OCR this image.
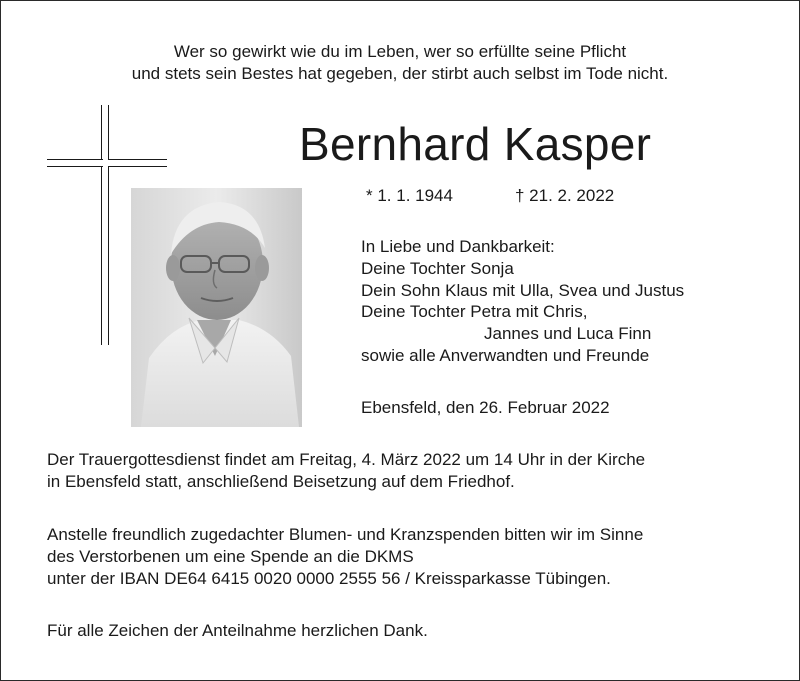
Wer so gewirkt wie du im Leben, wer so erfüllte seine Pflicht
und stets sein Bestes hat gegeben, der stirbt auch selbst im Tode nicht.
Bernhard Kasper
* 1. 1. 1944	† 21. 2. 2022
In Liebe und Dankbarkeit:
Deine Tochter Sonja
Dein Sohn Klaus mit Ulla, Svea und Justus
Deine Tochter Petra mit Chris,
Jannes und Luca Finn
sowie alle Anverwandten und Freunde
Ebensfeld, den 26. Februar 2022
Der Trauergottesdienst findet am Freitag, 4. März 2022 um 14 Uhr in der Kirche
in Ebensfeld statt, anschließend Beisetzung auf dem Friedhof.
Anstelle freundlich zugedachter Blumen- und Kranzspenden bitten wir im Sinne
des Verstorbenen um eine Spende an die DKMS
unter der IBAN DE64 6415 0020 0000 2555 56 / Kreissparkasse Tübingen.
Für alle Zeichen der Anteilnahme herzlichen Dank.
